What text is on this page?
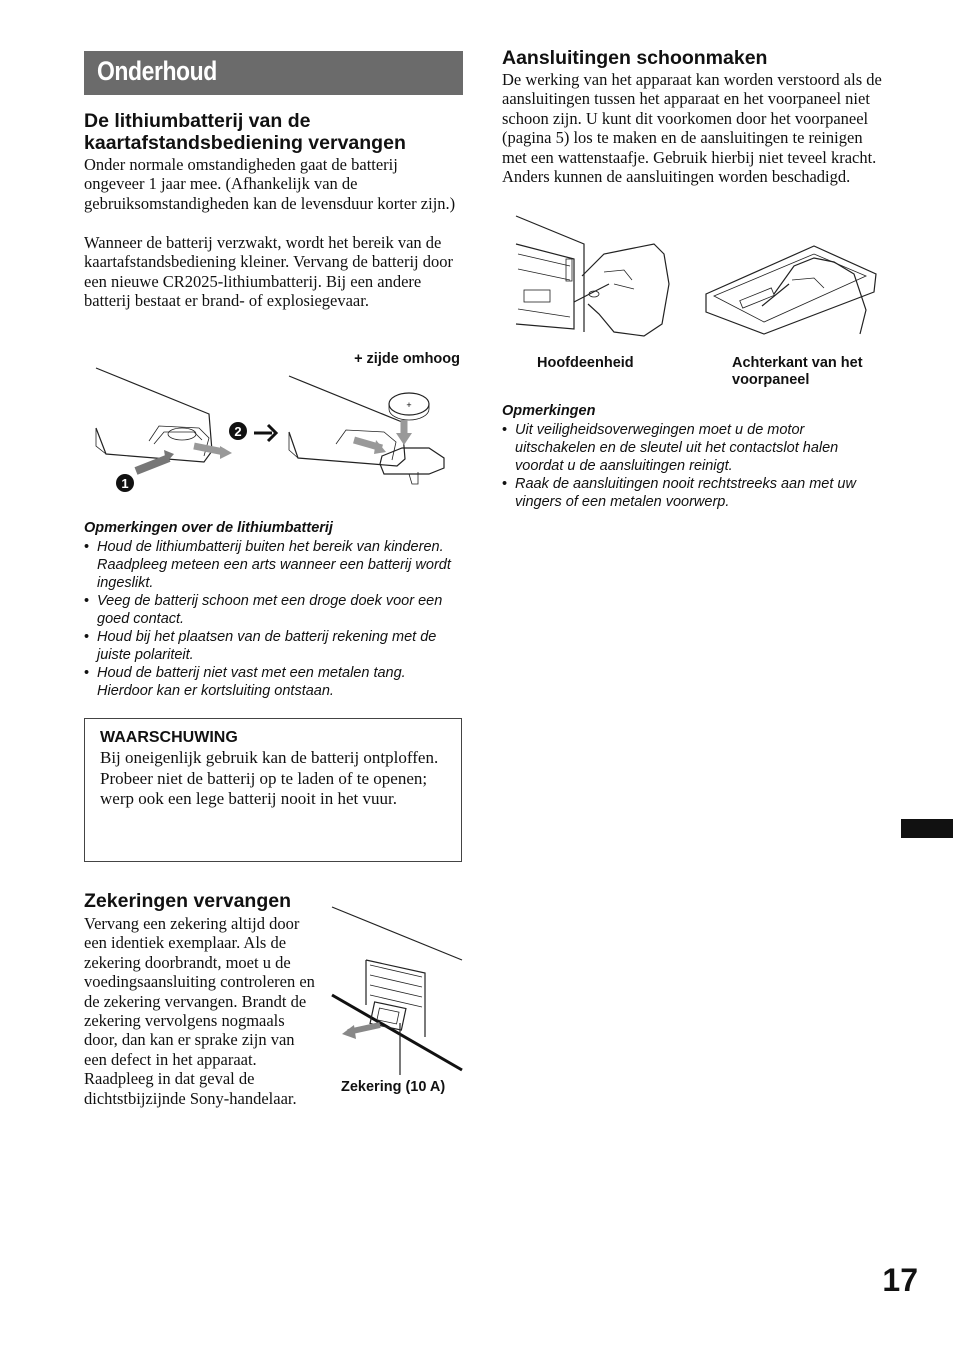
Onderhoud
De lithiumbatterij van de kaartafstandsbediening vervangen

Onder normale omstandigheden gaat de batterij ongeveer 1 jaar mee. (Afhankelijk van de gebruiksomstandigheden kan de levensduur korter zijn.)

Wanneer de batterij verzwakt, wordt het bereik van de kaartafstandsbediening kleiner. Vervang de batterij door een nieuwe CR2025-lithiumbatterij. Bij een andere batterij bestaat er brand- of explosiegevaar.

+ zijde omhoog
2
1
+

Opmerkingen over de lithiumbatterij

• Houd de lithiumbatterij buiten het bereik van kinderen. Raadpleeg meteen een arts wanneer een batterij wordt ingeslikt.
• Veeg de batterij schoon met een droge doek voor een goed contact.
• Houd bij het plaatsen van de batterij rekening met de juiste polariteit.
• Houd de batterij niet vast met een metalen tang. Hierdoor kan er kortsluiting ontstaan.
WAARSCHUWING
Bij oneigenlijk gebruik kan de batterij ontploffen.
Probeer niet de batterij op te laden of te openen; werp ook een lege batterij nooit in het vuur.
Zekeringen vervangen

Vervang een zekering altijd door een identiek exemplaar. Als de zekering doorbrandt, moet u de voedingsaansluiting controleren en de zekering vervangen. Brandt de zekering vervolgens nogmaals door, dan kan er sprake zijn van een defect in het apparaat. Raadpleeg in dat geval de dichtstbijzijnde Sony-handelaar.

Zekering (10 A)
Aansluitingen schoonmaken

De werking van het apparaat kan worden verstoord als de aansluitingen tussen het apparaat en het voorpaneel niet schoon zijn. U kunt dit voorkomen door het voorpaneel (pagina 5) los te maken en de aansluitingen te reinigen met een wattenstaafje. Gebruik hierbij niet teveel kracht. Anders kunnen de aansluitingen worden beschadigd.

Hoofdeenheid	Achterkant van het voorpaneel

Opmerkingen

• Uit veiligheidsoverwegingen moet u de motor uitschakelen en de sleutel uit het contactslot halen voordat u de aansluitingen reinigt.
• Raak de aansluitingen nooit rechtstreeks aan met uw vingers of een metalen voorwerp.
17
